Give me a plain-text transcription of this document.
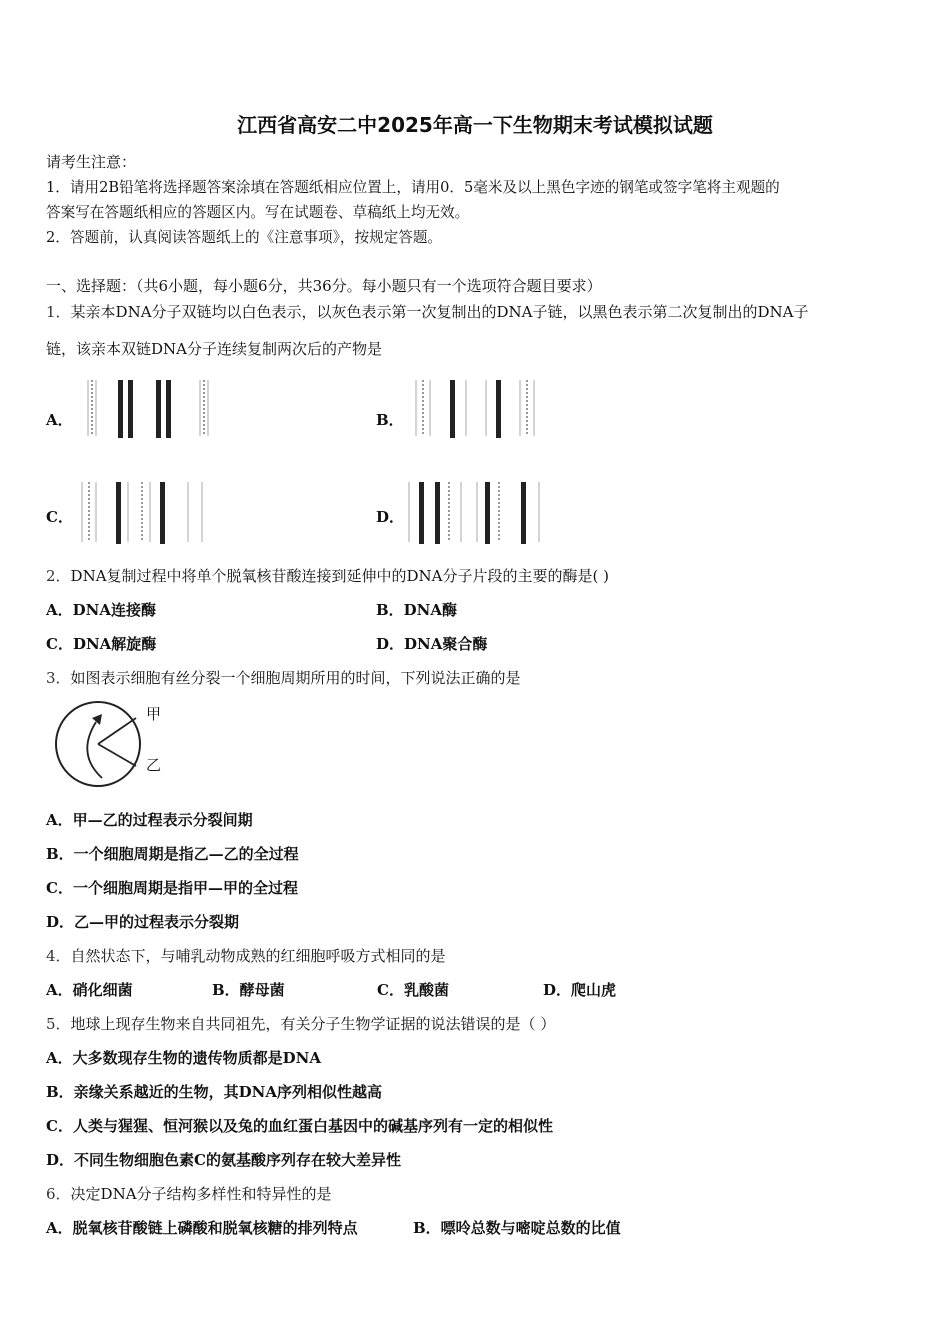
江西省高安二中2025年高一下生物期末考试模拟试题
请考生注意：
1．请用2B铅笔将选择题答案涂填在答题纸相应位置上，请用0．5毫米及以上黑色字迹的钢笔或签字笔将主观题的
答案写在答题纸相应的答题区内。写在试题卷、草稿纸上均无效。
2．答题前，认真阅读答题纸上的《注意事项》，按规定答题。
一、选择题：（共6小题，每小题6分，共36分。每小题只有一个选项符合题目要求）
1．某亲本DNA分子双链均以白色表示，以灰色表示第一次复制出的DNA子链，以黑色表示第二次复制出的DNA子
链，该亲本双链DNA分子连续复制两次后的产物是
A．	B．
C．	D．
2．DNA复制过程中将单个脱氧核苷酸连接到延伸中的DNA分子片段的主要的酶是( )
A．DNA连接酶	B．DNA酶
C．DNA解旋酶	D．DNA聚合酶
3．如图表示细胞有丝分裂一个细胞周期所用的时间，下列说法正确的是
甲
乙
A．甲—乙的过程表示分裂间期
B．一个细胞周期是指乙—乙的全过程
C．一个细胞周期是指甲—甲的全过程
D．乙—甲的过程表示分裂期
4．自然状态下，与哺乳动物成熟的红细胞呼吸方式相同的是
A．硝化细菌	B．酵母菌	C．乳酸菌	D．爬山虎
5．地球上现存生物来自共同祖先，有关分子生物学证据的说法错误的是（ ）
A．大多数现存生物的遗传物质都是DNA
B．亲缘关系越近的生物，其DNA序列相似性越高
C．人类与猩猩、恒河猴以及兔的血红蛋白基因中的碱基序列有一定的相似性
D．不同生物细胞色素C的氨基酸序列存在较大差异性
6．决定DNA分子结构多样性和特异性的是
A．脱氧核苷酸链上磷酸和脱氧核糖的排列特点	B．嘌呤总数与嘧啶总数的比值
